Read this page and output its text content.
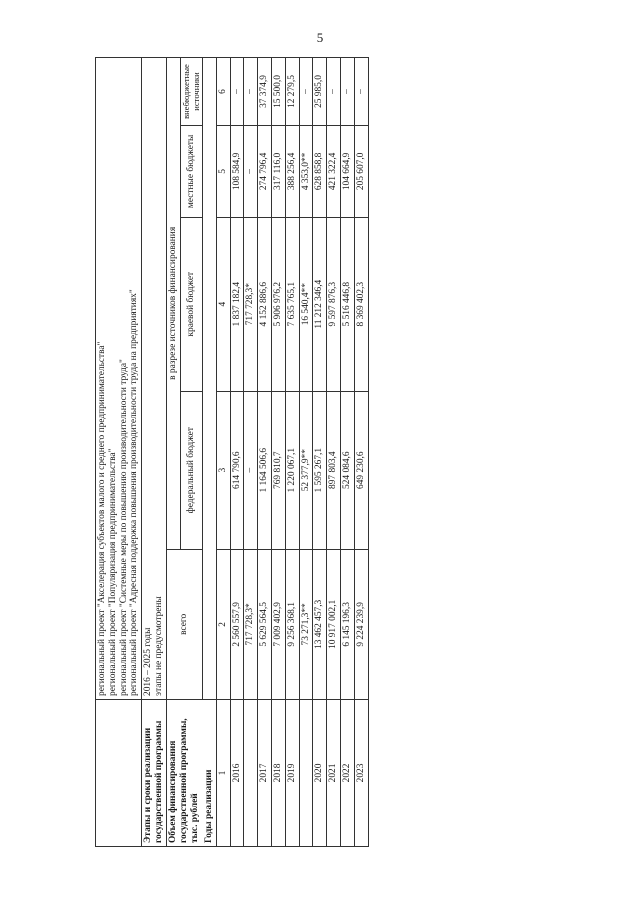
5

	региональный проект "Акселерация субъектов малого и среднего предпринимательства" региональный проект "Популяризация предпринимательства" региональный проект "Системные меры по повышению производительности труда" региональный проект "Адресная поддержка повышения производительности труда на предприятиях"				

Этапы и сроки реализации государственной программы	2016 – 2025 годы этапы не предусмотрены				

Объем финансирования государственной программы, тыс. рублей	всего	в разрезе источников финансирования			
		федеральный бюджет	краевой бюджет	местные бюджеты	внебюджетные источники
Годы реализации					
1	2	3	4	5	6
2016	2 560 557,9	614 790,6	1 837 182,4	108 584,9	–
	717 728,3*	–	717 728,3*	–	–
2017	5 629 564,5	1 164 506,6	4 152 886,6	274 796,4	37 374,9
2018	7 009 402,9	769 810,7	5 906 976,2	317 116,0	15 500,0
2019	9 256 368,1	1 220 067,1	7 635 765,1	388 256,4	12 279,5
	73 271,3**	52 377,9**	16 540,4**	4 353,0**	–
2020	13 462 457,3	1 595 267,1	11 212 346,4	628 858,8	25 985,0
2021	10 917 002,1	897 803,4	9 597 876,3	421 322,4	–
2022	6 145 196,3	524 084,6	5 516 446,8	104 664,9	–
2023	9 224 239,9	649 230,6	8 369 402,3	205 607,0	–
